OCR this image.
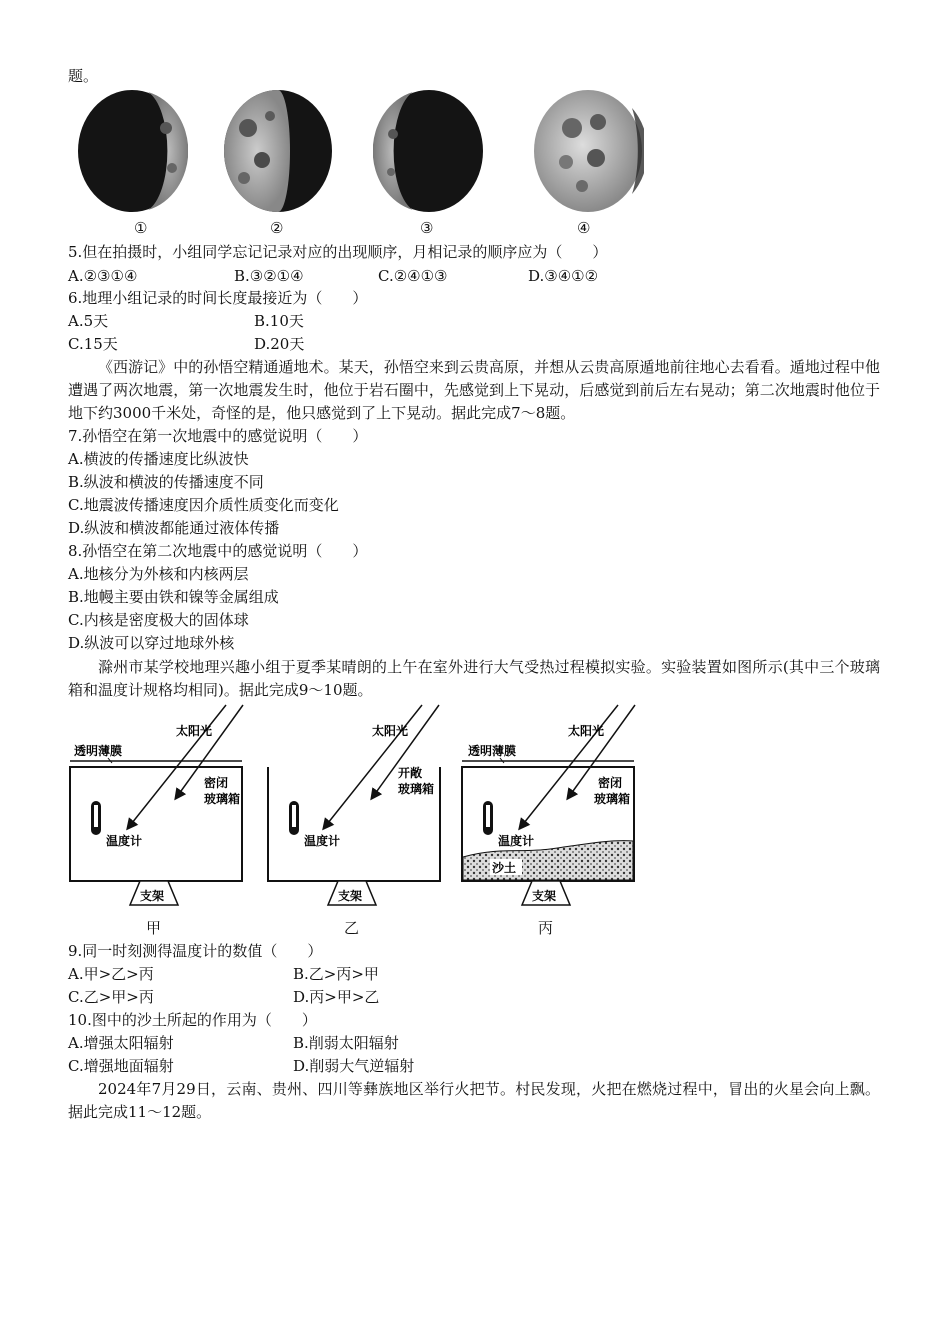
题。
①	②	③	④
5.但在拍摄时，小组同学忘记记录对应的出现顺序，月相记录的顺序应为（　　）
A.②③①④	B.③②①④	C.②④①③	D.③④①②
6.地理小组记录的时间长度最接近为（　　）
A.5天	B.10天
C.15天	D.20天
《西游记》中的孙悟空精通遁地术。某天，孙悟空来到云贵高原，并想从云贵高原遁地前往地心去看看。遁地过程中他遭遇了两次地震，第一次地震发生时，他位于岩石圈中，先感觉到上下晃动，后感觉到前后左右晃动；第二次地震时他位于地下约3000千米处，奇怪的是，他只感觉到了上下晃动。据此完成7～8题。
7.孙悟空在第一次地震中的感觉说明（　　）
A.横波的传播速度比纵波快
B.纵波和横波的传播速度不同
C.地震波传播速度因介质性质变化而变化
D.纵波和横波都能通过液体传播
8.孙悟空在第二次地震中的感觉说明（　　）
A.地核分为外核和内核两层
B.地幔主要由铁和镍等金属组成
C.内核是密度极大的固体球
D.纵波可以穿过地球外核
滁州市某学校地理兴趣小组于夏季某晴朗的上午在室外进行大气受热过程模拟实验。实验装置如图所示(其中三个玻璃箱和温度计规格均相同)。据此完成9～10题。
透明薄膜
太阳光
密闭
玻璃箱
温度计
支架
太阳光
开敞
玻璃箱
温度计
支架
透明薄膜
太阳光
密闭
玻璃箱
温度计
沙土
支架
甲	乙	丙
9.同一时刻测得温度计的数值（　　）
A.甲>乙>丙	B.乙>丙>甲
C.乙>甲>丙	D.丙>甲>乙
10.图中的沙土所起的作用为（　　）
A.增强太阳辐射	B.削弱太阳辐射
C.增强地面辐射	D.削弱大气逆辐射
2024年7月29日，云南、贵州、四川等彝族地区举行火把节。村民发现，火把在燃烧过程中，冒出的火星会向上飘。据此完成11～12题。
